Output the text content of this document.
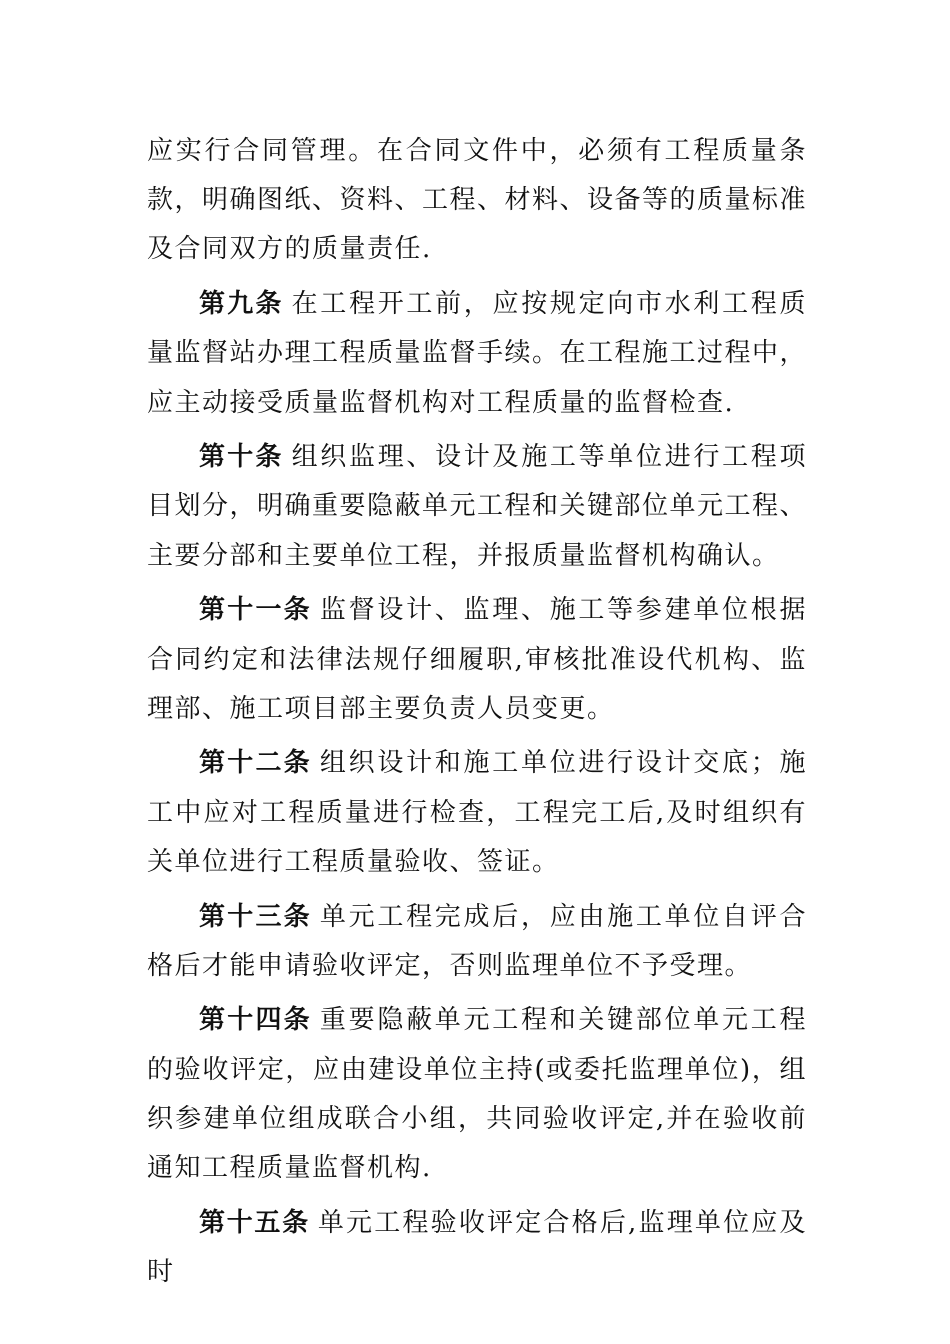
应实行合同管理。在合同文件中，必须有工程质量条款，明确图纸、资料、工程、材料、设备等的质量标准及合同双方的质量责任.

第九条 在工程开工前，应按规定向市水利工程质量监督站办理工程质量监督手续。在工程施工过程中，应主动接受质量监督机构对工程质量的监督检查.

第十条 组织监理、设计及施工等单位进行工程项目划分，明确重要隐蔽单元工程和关键部位单元工程、主要分部和主要单位工程，并报质量监督机构确认。

第十一条 监督设计、监理、施工等参建单位根据合同约定和法律法规仔细履职,审核批准设代机构、监理部、施工项目部主要负责人员变更。

第十二条 组织设计和施工单位进行设计交底；施工中应对工程质量进行检查，工程完工后,及时组织有关单位进行工程质量验收、签证。

第十三条 单元工程完成后，应由施工单位自评合格后才能申请验收评定，否则监理单位不予受理。

第十四条 重要隐蔽单元工程和关键部位单元工程的验收评定，应由建设单位主持(或委托监理单位)，组织参建单位组成联合小组，共同验收评定,并在验收前通知工程质量监督机构.

第十五条 单元工程验收评定合格后,监理单位应及时
